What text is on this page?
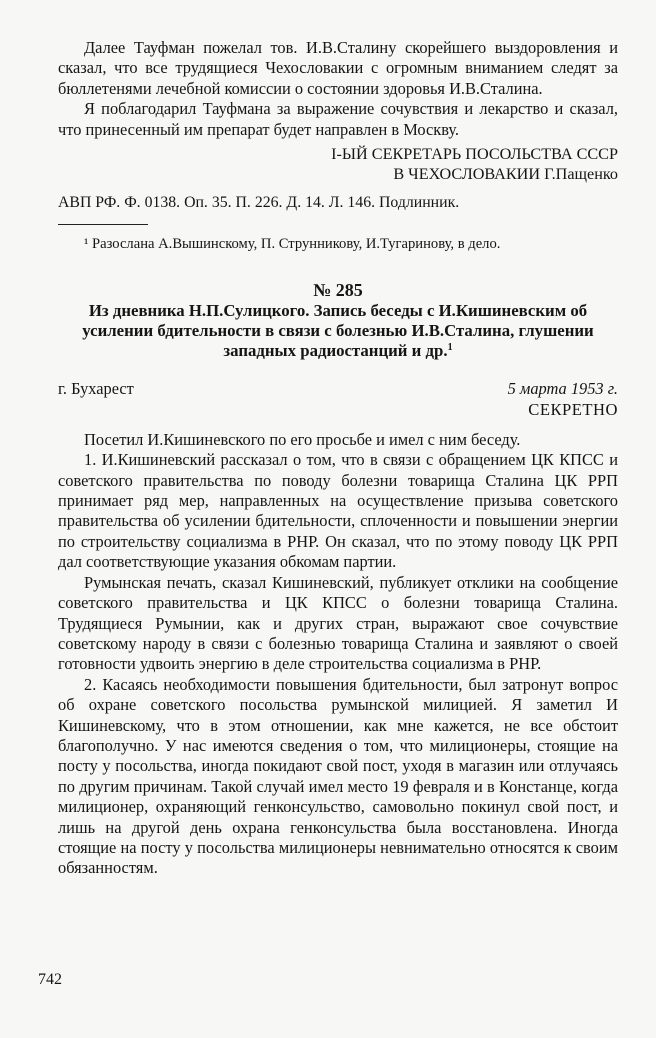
Далее Тауфман пожелал тов. И.В.Сталину скорейшего выздоровления и сказал, что все трудящиеся Чехословакии с огромным вниманием следят за бюллетенями лечебной комиссии о состоянии здоровья И.В.Сталина.

Я поблагодарил Тауфмана за выражение сочувствия и лекарство и сказал, что принесенный им препарат будет направлен в Москву.

I-ЫЙ СЕКРЕТАРЬ ПОСОЛЬСТВА СССР
В ЧЕХОСЛОВАКИИ Г.Пащенко
АВП РФ. Ф. 0138. Оп. 35. П. 226. Д. 14. Л. 146. Подлинник.
¹ Разослана А.Вышинскому, П. Струнникову, И.Тугаринову, в дело.
№ 285
Из дневника Н.П.Сулицкого. Запись беседы с И.Кишиневским об усилении бдительности в связи с болезнью И.В.Сталина, глушении западных радиостанций и др.$^1$
г. Бухарест	5 марта 1953 г.
СЕКРЕТНО

Посетил И.Кишиневского по его просьбе и имел с ним беседу.

1. И.Кишиневский рассказал о том, что в связи с обращением ЦК КПСС и советского правительства по поводу болезни товарища Сталина ЦК РРП принимает ряд мер, направленных на осуществление призыва советского правительства об усилении бдительности, сплоченности и повышении энергии по строительству социализма в РНР. Он сказал, что по этому поводу ЦК РРП дал соответствующие указания обкомам партии.

Румынская печать, сказал Кишиневский, публикует отклики на сообщение советского правительства и ЦК КПСС о болезни товарища Сталина. Трудящиеся Румынии, как и других стран, выражают свое сочувствие советскому народу в связи с болезнью товарища Сталина и заявляют о своей готовности удвоить энергию в деле строительства социализма в РНР.

2. Касаясь необходимости повышения бдительности, был затронут вопрос об охране советского посольства румынской милицией. Я заметил И Кишиневскому, что в этом отношении, как мне кажется, не все обстоит благополучно. У нас имеются сведения о том, что милиционеры, стоящие на посту у посольства, иногда покидают свой пост, уходя в магазин или отлучаясь по другим причинам. Такой случай имел место 19 февраля и в Констанце, когда милиционер, охраняющий генконсульство, самовольно покинул свой пост, и лишь на другой день охрана генконсульства была восстановлена. Иногда стоящие на посту у посольства милиционеры невнимательно относятся к своим обязанностям.

742
